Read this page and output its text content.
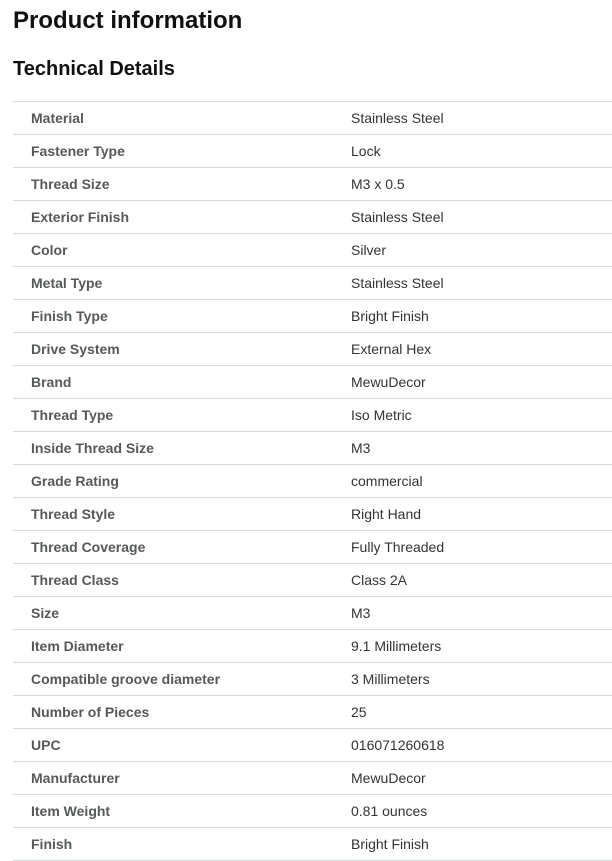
Product information
Technical Details
Material	Stainless Steel
Fastener Type	Lock
Thread Size	M3 x 0.5
Exterior Finish	Stainless Steel
Color	Silver
Metal Type	Stainless Steel
Finish Type	Bright Finish
Drive System	External Hex
Brand	MewuDecor
Thread Type	Iso Metric
Inside Thread Size	M3
Grade Rating	commercial
Thread Style	Right Hand
Thread Coverage	Fully Threaded
Thread Class	Class 2A
Size	M3
Item Diameter	9.1 Millimeters
Compatible groove diameter	3 Millimeters
Number of Pieces	25
UPC	016071260618
Manufacturer	MewuDecor
Item Weight	0.81 ounces
Finish	Bright Finish
